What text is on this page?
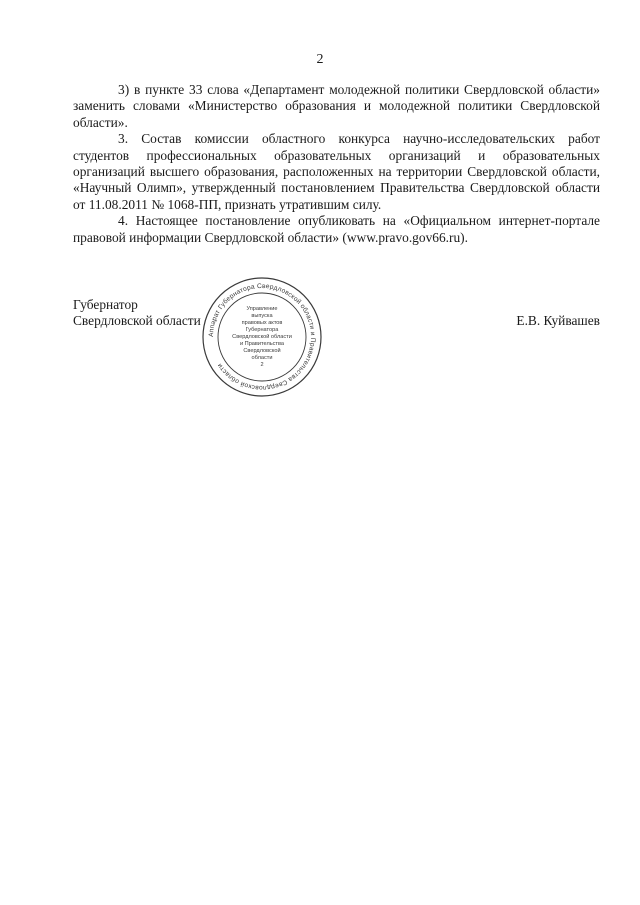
2

3) в пункте 33 слова «Департамент молодежной политики Свердловской области» заменить словами «Министерство образования и молодежной политики Свердловской области».

3. Состав комиссии областного конкурса научно-исследовательских работ студентов профессиональных образовательных организаций и образовательных организаций высшего образования, расположенных на территории Свердловской области, «Научный Олимп», утвержденный постановлением Правительства Свердловской области от 11.08.2011 № 1068-ПП, признать утратившим силу.

4. Настоящее постановление опубликовать на «Официальном интернет-портале правовой информации Свердловской области» (www.pravo.gov66.ru).

Губернатор
Свердловской области	Е.В. Куйвашев
Аппарат Губернатора Свердловской области и Правительства Свердловской области
Управление
выпуска
правовых актов
Губернатора
Свердловской области
и Правительства
Свердловской
области
2
